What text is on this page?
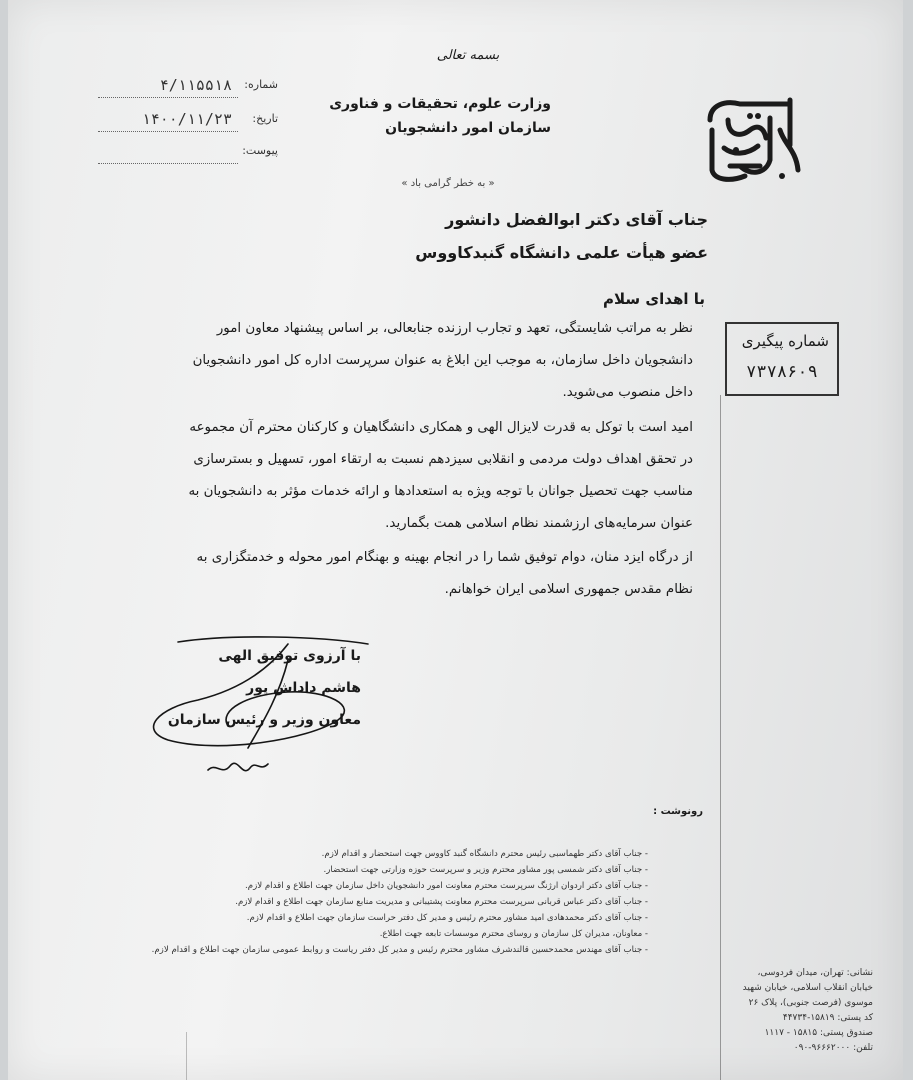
بسمه تعالی
وزارت علوم، تحقیقات و فناوری
سازمان امور دانشجویان
شماره:
۴/۱۱۵۵۱۸
تاریخ:
۱۴۰۰/۱۱/۲۳
پیوست:
« به خطر گرامی باد »
سازمان امور دانشجویان
جناب آقای دکتر ابوالفضل دانشور
عضو هیأت علمی دانشگاه گنبدکاووس
با اهدای سلام

نظر به مراتب شایستگی، تعهد و تجارب ارزنده جنابعالی، بر اساس پیشنهاد معاون امور دانشجویان داخل سازمان، به موجب این ابلاغ به عنوان سرپرست اداره کل امور دانشجویان داخل منصوب می‌شوید.

امید است با توکل به قدرت لایزال الهی و همکاری دانشگاهیان و کارکنان محترم آن مجموعه در تحقق اهداف دولت مردمی و انقلابی سیزدهم نسبت به ارتقاء امور، تسهیل و بسترسازی مناسب جهت تحصیل جوانان با توجه ویژه به استعدادها و ارائه خدمات مؤثر به دانشجویان به عنوان سرمایه‌های ارزشمند نظام اسلامی همت بگمارید.

از درگاه ایزد منان، دوام توفیق شما را در انجام بهینه و بهنگام امور محوله و خدمتگزاری به نظام مقدس جمهوری اسلامی ایران خواهانم.

شماره پیگیری
۷۳۷۸۶۰۹
با آرزوی توفیق الهی
هاشم داداش پور
معاون وزیر و رئیس سازمان
رونوشت :
- جناب آقای دکتر طهماسبی رئیس محترم دانشگاه گنبد کاووس جهت استحضار و اقدام لازم.
- جناب آقای دکتر شمسی پور مشاور محترم وزیر و سرپرست حوزه وزارتی جهت استحضار.
- جناب آقای دکتر اردوان ارژنگ سرپرست محترم معاونت امور دانشجویان داخل سازمان جهت اطلاع و اقدام لازم.
- جناب آقای دکتر عباس قربانی سرپرست محترم معاونت پشتیبانی و مدیریت منابع سازمان جهت اطلاع و اقدام لازم.
- جناب آقای دکتر محمدهادی امید مشاور محترم رئیس و مدیر کل دفتر حراست سازمان جهت اطلاع و اقدام لازم.
- معاونان، مدیران کل سازمان و روسای محترم موسسات تابعه جهت اطلاع.
- جناب آقای مهندس محمدحسین قالندشرف مشاور محترم رئیس و مدیر کل دفتر ریاست و روابط عمومی سازمان جهت اطلاع و اقدام لازم.
نشانی: تهران، میدان فردوسی،
خیابان انقلاب اسلامی، خیابان شهید
موسوی (فرصت جنوبی)، پلاک ۲۶
کد پستی: ۱۵۸۱۹-۴۴۷۳۴
صندوق پستی: ۱۵۸۱۵ - ۱۱۱۷
تلفن: ۹۶۶۶۲۰۰۰-۰۹۰
